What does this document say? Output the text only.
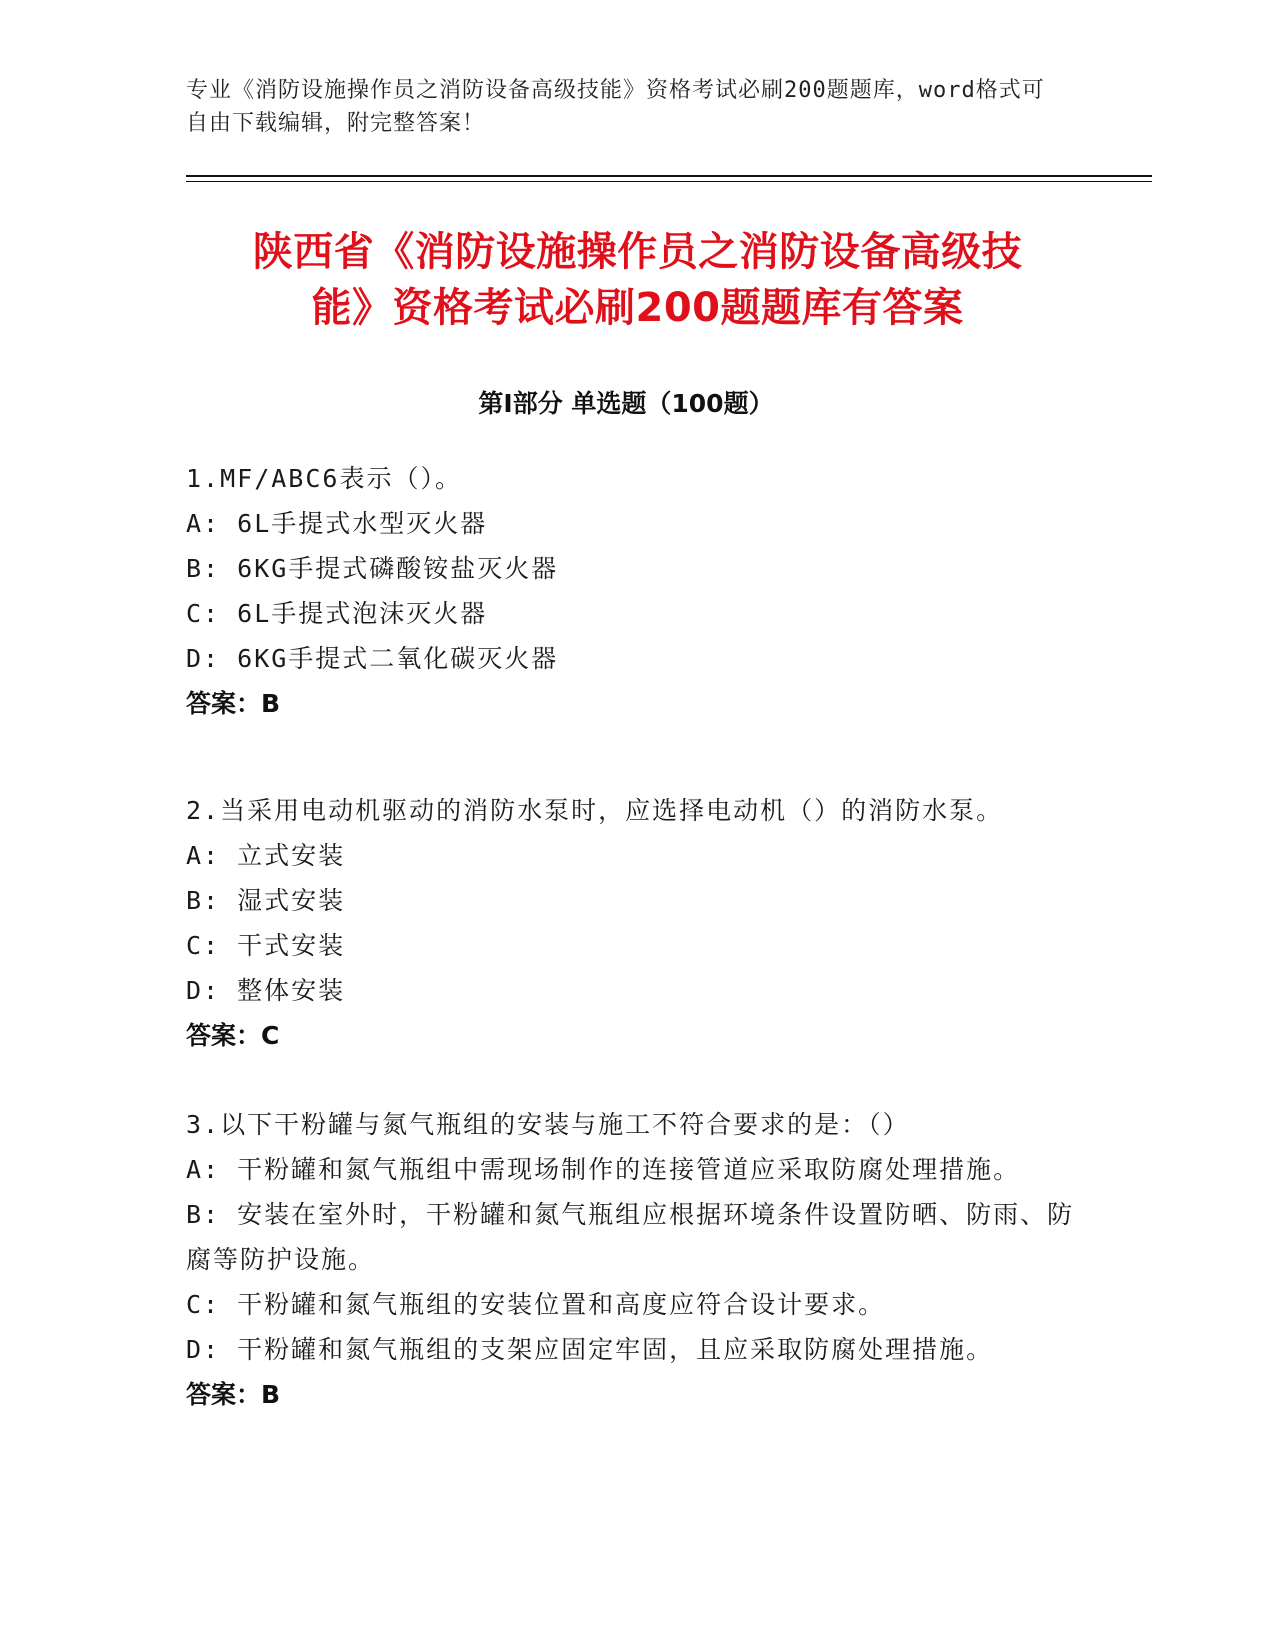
专业《消防设施操作员之消防设备高级技能》资格考试必刷200题题库，word格式可自由下载编辑，附完整答案！
陕西省《消防设施操作员之消防设备高级技
能》资格考试必刷200题题库有答案
第Ⅰ部分 单选题（100题）
1.MF/ABC6表示（）。
A: 6L手提式水型灭火器
B: 6KG手提式磷酸铵盐灭火器
C: 6L手提式泡沫灭火器
D: 6KG手提式二氧化碳灭火器
答案：B
2.当采用电动机驱动的消防水泵时，应选择电动机（）的消防水泵。
A: 立式安装
B: 湿式安装
C: 干式安装
D: 整体安装
答案：C
3.以下干粉罐与氮气瓶组的安装与施工不符合要求的是：（）
A: 干粉罐和氮气瓶组中需现场制作的连接管道应采取防腐处理措施。
B: 安装在室外时，干粉罐和氮气瓶组应根据环境条件设置防晒、防雨、防腐等防护设施。
C: 干粉罐和氮气瓶组的安装位置和高度应符合设计要求。
D: 干粉罐和氮气瓶组的支架应固定牢固，且应采取防腐处理措施。
答案：B
